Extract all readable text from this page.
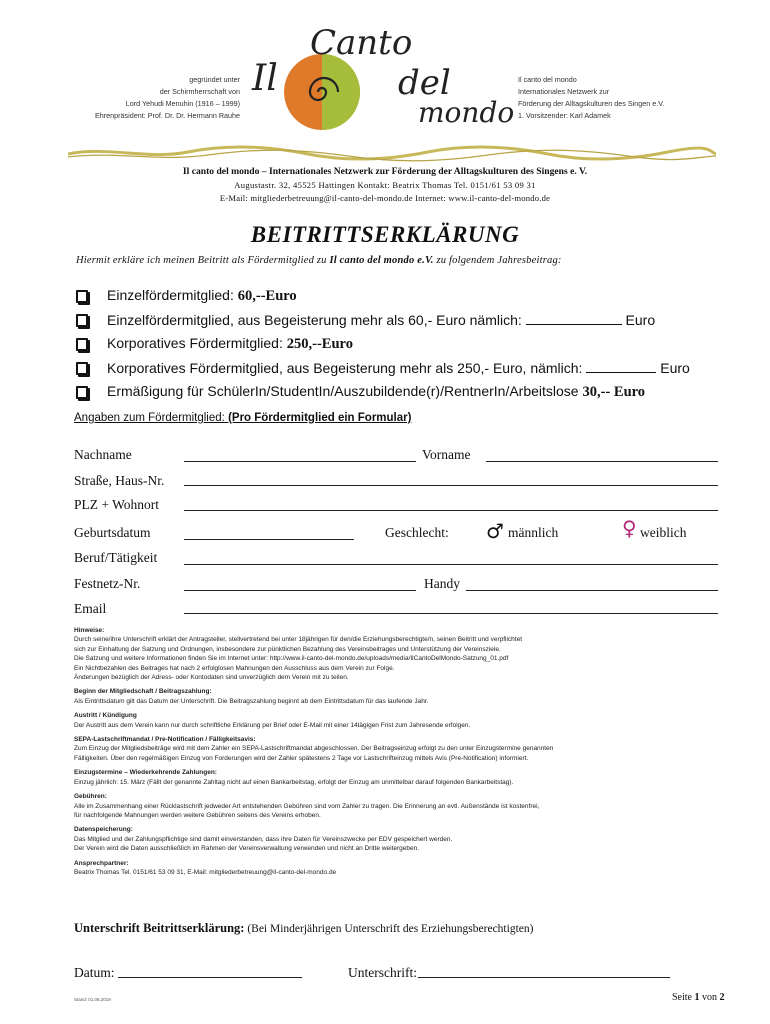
gegründet unter
der Schirmherrschaft von
Lord Yehudi Menuhin (1916 – 1999)
Ehrenpräsident: Prof. Dr. Dr. Hermann Rauhe
Il
Canto
del
mondo
Il canto del mondo
Internationales Netzwerk zur
Förderung der Alltagskulturen des Singen e.V.
1. Vorsitzender: Karl Adamek
Il canto del mondo – Internationales Netzwerk zur Förderung der Alltagskulturen des Singens e. V.
Augustastr. 32, 45525 Hattingen Kontakt: Beatrix Thomas Tel. 0151/61 53 09 31
E-Mail: mitgliederbetreuung@il-canto-del-mondo.de Internet: www.il-canto-del-mondo.de
BEITRITTSERKLÄRUNG
Hiermit erkläre ich meinen Beitritt als Fördermitglied zu Il canto del mondo e.V. zu folgendem Jahresbeitrag:
Einzelfördermitglied: 60,--Euro
Einzelfördermitglied, aus Begeisterung mehr als 60,- Euro nämlich:	Euro
Korporatives Fördermitglied: 250,--Euro
Korporatives Fördermitglied, aus Begeisterung mehr als 250,- Euro, nämlich:	Euro
Ermäßigung für SchülerIn/StudentIn/Auszubildende(r)/RentnerIn/Arbeitslose 30,-- Euro
Angaben zum Fördermitglied: (Pro Fördermitglied ein Formular)
Nachname	Vorname
Straße, Haus-Nr.
PLZ + Wohnort
Geburtsdatum	Geschlecht: ♂ männlich	♀ weiblich
Beruf/Tätigkeit
Festnetz-Nr.	Handy
Email
Hinweise:
Durch seine/ihre Unterschrift erklärt der Antragsteller, stellvertretend bei unter 18jährigen für den/die Erziehungsberechtigte/n, seinen Beitritt und verpflichtet
sich zur Einhaltung der Satzung und Ordnungen, insbesondere zur pünktlichen Bezahlung des Vereinsbeitrages und Unterstützung der Vereinsziele.
Die Satzung und weitere Informationen finden Sie im Internet unter: http://www.il-canto-del-mondo.de/uploads/media/IlCantoDelMondo-Satzung_01.pdf
Ein Nichtbezahlen des Beitrages hat nach 2 erfolglosen Mahnungen den Ausschluss aus dem Verein zur Folge.
Änderungen bezüglich der Adress- oder Kontodaten sind unverzüglich dem Verein mit zu teilen.
Beginn der Mitgliedschaft / Beitragszahlung:
Als Eintrittsdatum gilt das Datum der Unterschrift. Die Beitragszahlung beginnt ab dem Eintrittsdatum für das laufende Jahr.
Austritt / Kündigung
Der Austritt aus dem Verein kann nur durch schriftliche Erklärung per Brief oder E-Mail mit einer 14tägigen Frist zum Jahresende erfolgen.
SEPA-Lastschriftmandat / Pre-Notification / Fälligkeitsavis:
Zum Einzug der Mitgliedsbeiträge wird mit dem Zahler ein SEPA-Lastschriftmandat abgeschlossen. Der Beitragseinzug erfolgt zu den unter Einzugstermine genannten
Fälligkeiten. Über den regelmäßigen Einzug von Forderungen wird der Zahler spätestens 2 Tage vor Lastschrifteinzug mittels Avis (Pre-Notification) informiert.
Einzugstermine – Wiederkehrende Zahlungen:
Einzug jährlich: 15. März (Fällt der genannte Zahltag nicht auf einen Bankarbeitstag, erfolgt der Einzug am unmittelbar darauf folgenden Bankarbeitstag).
Gebühren:
Alle im Zusammenhang einer Rücklastschrift jedweder Art entstehenden Gebühren sind vom Zahler zu tragen. Die Erinnerung an evtl. Außenstände ist kostenfrei,
für nachfolgende Mahnungen werden weitere Gebühren seitens des Vereins erhoben.
Datenspeicherung:
Das Mitglied und der Zahlungspflichtige sind damit einverstanden, dass ihre Daten für Vereinszwecke per EDV gespeichert werden.
Der Verein wird die Daten ausschließlich im Rahmen der Vereinsverwaltung verwenden und nicht an Dritte weitergeben.
Ansprechpartner:
Beatrix Thomas Tel. 0151/61 53 09 31, E-Mail: mitgliederbetreuung@il-canto-del-mondo.de
Unterschrift Beitrittserklärung: (Bei Minderjährigen Unterschrift des Erziehungsberechtigten)
Datum:	Unterschrift:
Stand: 01.06.2019	Seite 1 von 2
